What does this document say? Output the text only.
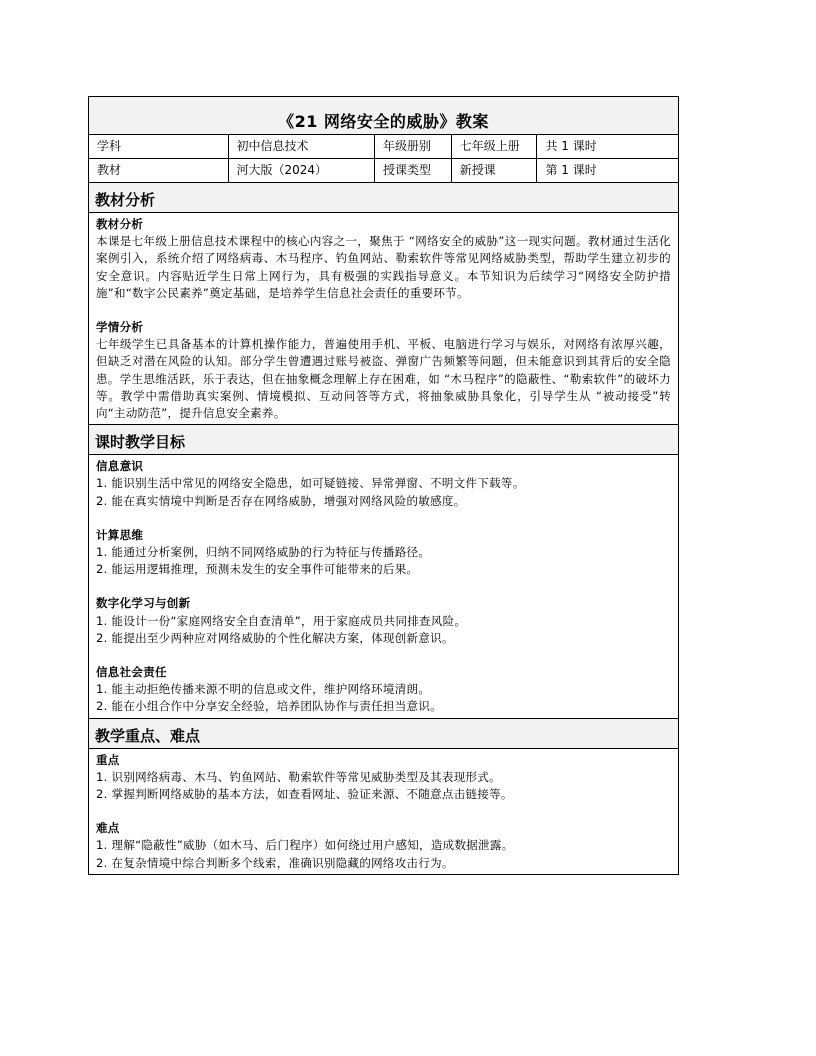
《21 网络安全的威胁》教案
学科	初中信息技术	年级册别	七年级上册	共 1 课时
教材	河大版（2024）	授课类型	新授课	第 1 课时
教材分析
教材分析
本课是七年级上册信息技术课程中的核心内容之一，聚焦于 “网络安全的威胁”这一现实问题。教材通过生活化案例引入，系统介绍了网络病毒、木马程序、钓鱼网站、勒索软件等常见网络威胁类型，帮助学生建立初步的安全意识。内容贴近学生日常上网行为，具有极强的实践指导意义。本节知识为后续学习“网络安全防护措施”和“数字公民素养”奠定基础，是培养学生信息社会责任的重要环节。
学情分析
七年级学生已具备基本的计算机操作能力，普遍使用手机、平板、电脑进行学习与娱乐，对网络有浓厚兴趣，但缺乏对潜在风险的认知。部分学生曾遭遇过账号被盗、弹窗广告频繁等问题，但未能意识到其背后的安全隐患。学生思维活跃，乐于表达，但在抽象概念理解上存在困难，如 “木马程序”的隐蔽性、“勒索软件”的破坏力等。教学中需借助真实案例、情境模拟、互动问答等方式，将抽象威胁具象化，引导学生从 “被动接受”转向“主动防范”，提升信息安全素养。
课时教学目标
信息意识
1. 能识别生活中常见的网络安全隐患，如可疑链接、异常弹窗、不明文件下载等。
2. 能在真实情境中判断是否存在网络威胁，增强对网络风险的敏感度。
计算思维
1. 能通过分析案例，归纳不同网络威胁的行为特征与传播路径。
2. 能运用逻辑推理，预测未发生的安全事件可能带来的后果。
数字化学习与创新
1. 能设计一份“家庭网络安全自查清单”，用于家庭成员共同排查风险。
2. 能提出至少两种应对网络威胁的个性化解决方案，体现创新意识。
信息社会责任
1. 能主动拒绝传播来源不明的信息或文件，维护网络环境清朗。
2. 能在小组合作中分享安全经验，培养团队协作与责任担当意识。
教学重点、难点
重点
1. 识别网络病毒、木马、钓鱼网站、勒索软件等常见威胁类型及其表现形式。
2. 掌握判断网络威胁的基本方法，如查看网址、验证来源、不随意点击链接等。
难点
1. 理解“隐蔽性”威胁（如木马、后门程序）如何绕过用户感知，造成数据泄露。
2. 在复杂情境中综合判断多个线索，准确识别隐藏的网络攻击行为。
